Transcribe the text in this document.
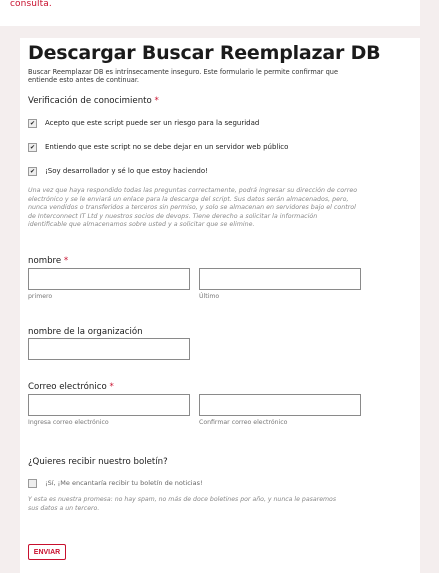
consulta.
Descargar Buscar Reemplazar DB
Buscar Reemplazar DB es intrínsecamente inseguro. Este formulario le permite confirmar que entiende esto antes de continuar.
Verificación de conocimiento *
✔ Acepto que este script puede ser un riesgo para la seguridad
✔ Entiendo que este script no se debe dejar en un servidor web público
✔ ¡Soy desarrollador y sé lo que estoy haciendo!
Una vez que haya respondido todas las preguntas correctamente, podrá ingresar su dirección de correo electrónico y se le enviará un enlace para la descarga del script. Sus datos serán almacenados, pero, nunca vendidos o transferidos a terceros sin permiso, y solo se almacenan en servidores bajo el control de Interconnect IT Ltd y nuestros socios de devops. Tiene derecho a solicitar la información identificable que almacenamos sobre usted y a solicitar que se elimine.
nombre *
primero	Último
nombre de la organización
Correo electrónico *
Ingresa correo electrónico	Confirmar correo electrónico
¿Quieres recibir nuestro boletín?
¡Sí, ¡Me encantaría recibir tu boletín de noticias!
Y esta es nuestra promesa: no hay spam, no más de doce boletines por año, y nunca le pasaremos sus datos a un tercero.
ENVIAR
